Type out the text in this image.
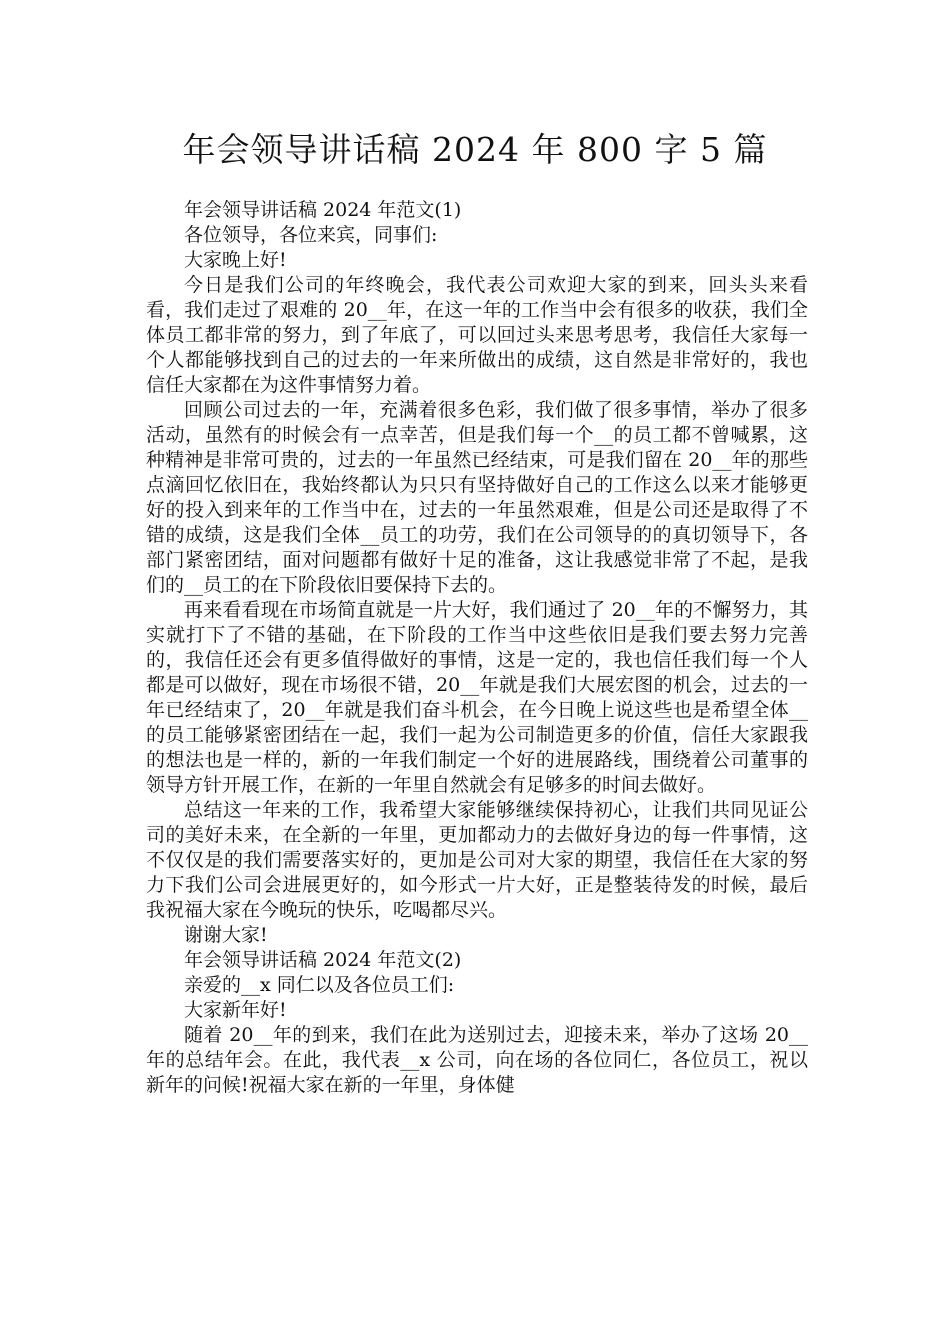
年会领导讲话稿 2024 年 800 字 5 篇

年会领导讲话稿 2024 年范文(1)

各位领导，各位来宾，同事们:

大家晚上好!

今日是我们公司的年终晚会，我代表公司欢迎大家的到来，回头头来看看，我们走过了艰难的 20__年，在这一年的工作当中会有很多的收获，我们全体员工都非常的努力，到了年底了，可以回过头来思考思考，我信任大家每一个人都能够找到自己的过去的一年来所做出的成绩，这自然是非常好的，我也信任大家都在为这件事情努力着。

回顾公司过去的一年，充满着很多色彩，我们做了很多事情，举办了很多活动，虽然有的时候会有一点幸苦，但是我们每一个__的员工都不曾喊累，这种精神是非常可贵的，过去的一年虽然已经结束，可是我们留在 20__年的那些点滴回忆依旧在，我始终都认为只只有坚持做好自己的工作这么以来才能够更好的投入到来年的工作当中在，过去的一年虽然艰难，但是公司还是取得了不错的成绩，这是我们全体__员工的功劳，我们在公司领导的的真切领导下，各部门紧密团结，面对问题都有做好十足的准备，这让我感觉非常了不起，是我们的__员工的在下阶段依旧要保持下去的。

再来看看现在市场简直就是一片大好，我们通过了 20__年的不懈努力，其实就打下了不错的基础，在下阶段的工作当中这些依旧是我们要去努力完善的，我信任还会有更多值得做好的事情，这是一定的，我也信任我们每一个人都是可以做好，现在市场很不错，20__年就是我们大展宏图的机会，过去的一年已经结束了，20__年就是我们奋斗机会，在今日晚上说这些也是希望全体__的员工能够紧密团结在一起，我们一起为公司制造更多的价值，信任大家跟我的想法也是一样的，新的一年我们制定一个好的进展路线，围绕着公司董事的领导方针开展工作，在新的一年里自然就会有足够多的时间去做好。

总结这一年来的工作，我希望大家能够继续保持初心，让我们共同见证公司的美好未来，在全新的一年里，更加都动力的去做好身边的每一件事情，这不仅仅是的我们需要落实好的，更加是公司对大家的期望，我信任在大家的努力下我们公司会进展更好的，如今形式一片大好，正是整装待发的时候，最后我祝福大家在今晚玩的快乐，吃喝都尽兴。

谢谢大家!

年会领导讲话稿 2024 年范文(2)

亲爱的__x 同仁以及各位员工们:

大家新年好!

随着 20__年的到来，我们在此为送别过去，迎接未来，举办了这场 20__年的总结年会。在此，我代表__x 公司，向在场的各位同仁，各位员工，祝以新年的问候!祝福大家在新的一年里，身体健
